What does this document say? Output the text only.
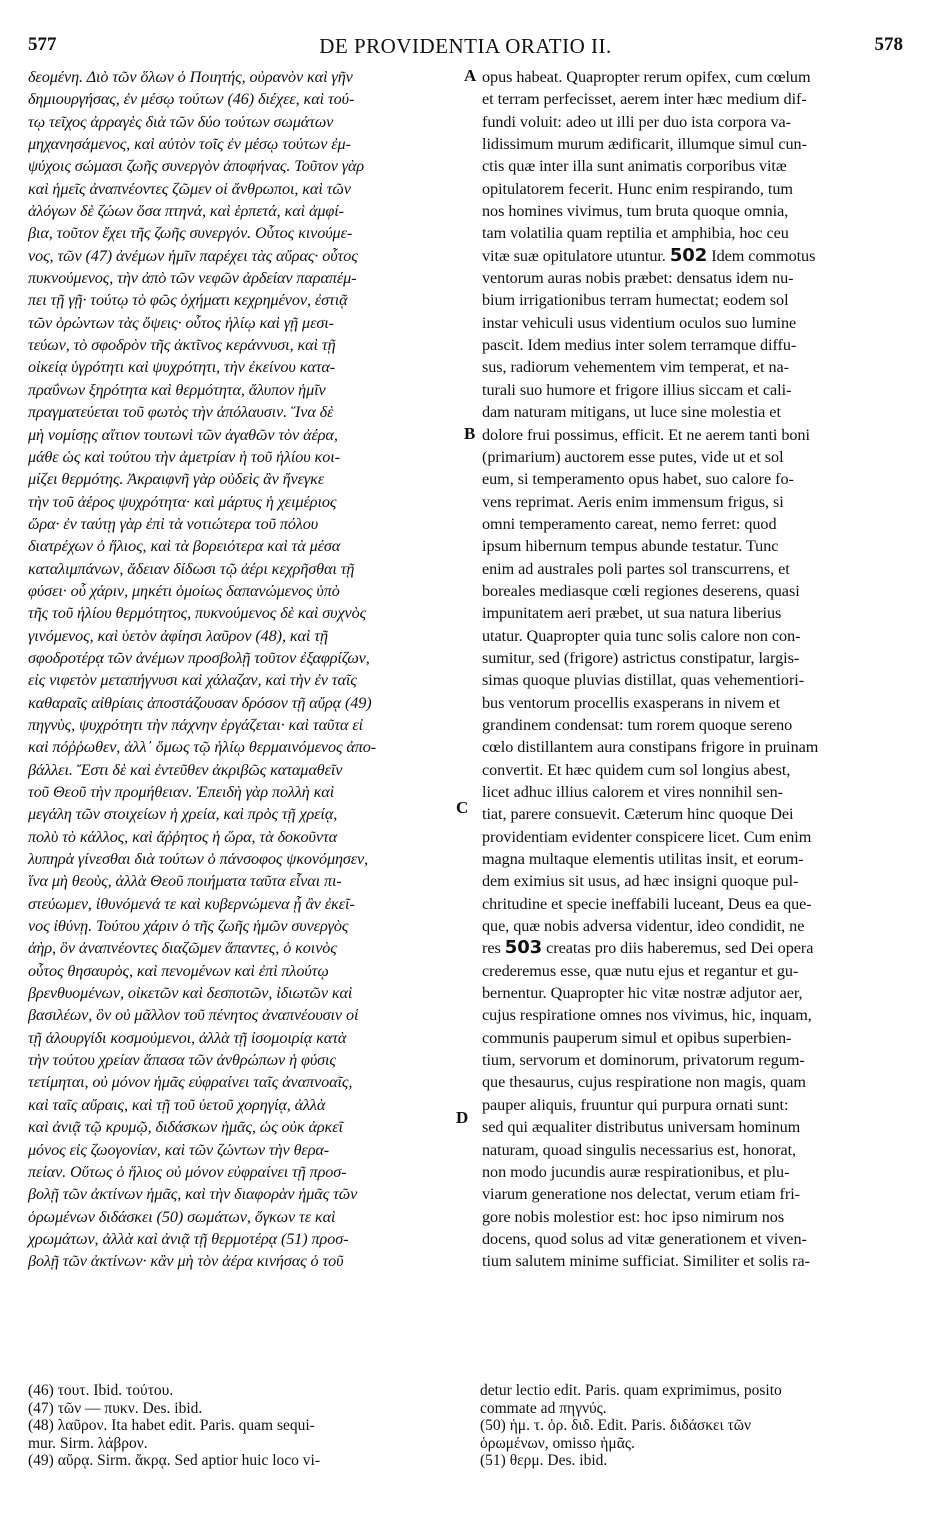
577	DE PROVIDENTIA ORATIO II.	578
δεομένη. Διὸ τῶν ὅλων ὁ Ποιητής, οὐρανὸν καὶ γῆν
δημιουργήσας, ἐν μέσῳ τούτων (46) διέχεε, καὶ τού-
τῳ τεῖχος ἀρραγὲς διὰ τῶν δύο τούτων σωμάτων
μηχανησάμενος, καὶ αὐτὸν τοῖς ἐν μέσῳ τούτων ἐμ-
ψύχοις σώμασι ζωῆς συνεργὸν ἀποφήνας. Τοῦτον γὰρ
καὶ ἡμεῖς ἀναπνέοντες ζῶμεν οἱ ἄνθρωποι, καὶ τῶν
ἀλόγων δὲ ζώων ὅσα πτηνά, καὶ ἑρπετά, καὶ ἀμφί-
βια, τοῦτον ἔχει τῆς ζωῆς συνεργόν. Οὗτος κινούμε-
νος, τῶν (47) ἀνέμων ἡμῖν παρέχει τὰς αὔρας· οὗτος
πυκνούμενος, τὴν ἀπὸ τῶν νεφῶν ἀρδείαν παραπέμ-
πει τῇ γῇ· τούτῳ τὸ φῶς ὀχήματι κεχρημένον, ἐστιᾷ
τῶν ὁρώντων τὰς ὄψεις· οὗτος ἡλίῳ καὶ γῇ μεσι-
τεύων, τὸ σφοδρὸν τῆς ἀκτῖνος κεράννυσι, καὶ τῇ
οἰκείᾳ ὑγρότητι καὶ ψυχρότητι, τὴν ἐκείνου κατα-
πραΰνων ξηρότητα καὶ θερμότητα, ἄλυπον ἡμῖν
πραγματεύεται τοῦ φωτὸς τὴν ἀπόλαυσιν. Ἵνα δὲ
μὴ νομίσῃς αἴτιον τουτωνὶ τῶν ἀγαθῶν τὸν ἀέρα,
μάθε ὡς καὶ τούτου τὴν ἀμετρίαν ἡ τοῦ ἡλίου κοι-
μίζει θερμότης. Ἀκραιφνῆ γὰρ οὐδεὶς ἂν ἤνεγκε
τὴν τοῦ ἀέρος ψυχρότητα· καὶ μάρτυς ἡ χειμέριος
ὥρα· ἐν ταύτῃ γὰρ ἐπὶ τὰ νοτιώτερα τοῦ πόλου
διατρέχων ὁ ἥλιος, καὶ τὰ βορειότερα καὶ τὰ μέσα
καταλιμπάνων, ἄδειαν δίδωσι τῷ ἀέρι κεχρῆσθαι τῇ
φύσει· οὗ χάριν, μηκέτι ὁμοίως δαπανώμενος ὑπὸ
τῆς τοῦ ἡλίου θερμότητος, πυκνούμενος δὲ καὶ συχνὸς
γινόμενος, καὶ ὑετὸν ἀφίησι λαῦρον (48), καὶ τῇ
σφοδροτέρᾳ τῶν ἀνέμων προσβολῇ τοῦτον ἐξαφρίζων,
εἰς νιφετὸν μεταπήγνυσι καὶ χάλαζαν, καὶ τὴν ἐν ταῖς
καθαραῖς αἰθρίαις ἀποστάζουσαν δρόσον τῇ αὔρᾳ (49)
πηγνὺς, ψυχρότητι τὴν πάχνην ἐργάζεται· καὶ ταῦτα εἰ
καὶ πόῤῥωθεν, ἀλλ᾽ ὅμως τῷ ἡλίῳ θερμαινόμενος ἀπο-
βάλλει. Ἔστι δὲ καὶ ἐντεῦθεν ἀκριβῶς καταμαθεῖν
τοῦ Θεοῦ τὴν προμήθειαν. Ἐπειδὴ γὰρ πολλὴ καὶ
μεγάλη τῶν στοιχείων ἡ χρεία, καὶ πρὸς τῇ χρείᾳ,
πολὺ τὸ κάλλος, καὶ ἄῤῥητος ἡ ὥρα, τὰ δοκοῦντα
λυπηρὰ γίνεσθαι διὰ τούτων ὁ πάνσοφος ψκονόμησεν,
ἵνα μὴ θεοὺς, ἀλλὰ Θεοῦ ποιήματα ταῦτα εἶναι πι-
στεύωμεν, ἰθυνόμενά τε καὶ κυβερνώμενα ᾗ ἂν ἐκεῖ-
νος ἰθύνῃ. Τούτου χάριν ὁ τῆς ζωῆς ἡμῶν συνεργὸς
ἀὴρ, ὃν ἀναπνέοντες διαζῶμεν ἅπαντες, ὁ κοινὸς
οὗτος θησαυρὸς, καὶ πενομένων καὶ ἐπὶ πλούτῳ
βρενθυομένων, οἰκετῶν καὶ δεσποτῶν, ἰδιωτῶν καὶ
βασιλέων, ὃν οὐ μᾶλλον τοῦ πένητος ἀναπνέουσιν οἱ
τῇ ἁλουργίδι κοσμούμενοι, ἀλλὰ τῇ ἰσομοιρίᾳ κατὰ
τὴν τούτου χρείαν ἅπασα τῶν ἀνθρώπων ἡ φύσις
τετίμηται, οὐ μόνον ἡμᾶς εὐφραίνει ταῖς ἀναπνοαῖς,
καὶ ταῖς αὔραις, καὶ τῇ τοῦ ὑετοῦ χορηγίᾳ, ἀλλὰ
καὶ ἀνιᾷ τῷ κρυμῷ, διδάσκων ἡμᾶς, ὡς οὐκ ἀρκεῖ
μόνος εἰς ζωογονίαν, καὶ τῶν ζώντων τὴν θερα-
πείαν. Οὕτως ὁ ἥλιος οὐ μόνον εὐφραίνει τῇ προσ-
βολῇ τῶν ἀκτίνων ἡμᾶς, καὶ τὴν διαφορὰν ἡμᾶς τῶν
ὁρωμένων διδάσκει (50) σωμάτων, ὄγκων τε καὶ
χρωμάτων, ἀλλὰ καὶ ἀνιᾷ τῇ θερμοτέρᾳ (51) προσ-
βολῇ τῶν ἀκτίνων· κἂν μὴ τὸν ἀέρα κινήσας ὁ τοῦ
opus habeat. Quapropter rerum opifex, cum cœlum
et terram perfecisset, aerem inter hæc medium dif-
fundi voluit: adeo ut illi per duo ista corpora va-
lidissimum murum ædificarit, illumque simul cun-
ctis quæ inter illa sunt animatis corporibus vitæ
opitulatorem fecerit. Hunc enim respirando, tum
nos homines vivimus, tum bruta quoque omnia,
tam volatilia quam reptilia et amphibia, hoc ceu
vitæ suæ opitulatore utuntur. 502 Idem commotus
ventorum auras nobis præbet: densatus idem nu-
bium irrigationibus terram humectat; eodem sol
instar vehiculi usus videntium oculos suo lumine
pascit. Idem medius inter solem terramque diffu-
sus, radiorum vehementem vim temperat, et na-
turali suo humore et frigore illius siccam et cali-
dam naturam mitigans, ut luce sine molestia et
dolore frui possimus, efficit. Et ne aerem tanti boni
(primarium) auctorem esse putes, vide ut et sol
eum, si temperamento opus habet, suo calore fo-
vens reprimat. Aeris enim immensum frigus, si
omni temperamento careat, nemo ferret: quod
ipsum hibernum tempus abunde testatur. Tunc
enim ad australes poli partes sol transcurrens, et
boreales mediasque cœli regiones deserens, quasi
impunitatem aeri præbet, ut sua natura liberius
utatur. Quapropter quia tunc solis calore non con-
sumitur, sed (frigore) astrictus constipatur, largis-
simas quoque pluvias distillat, quas vehementiori-
bus ventorum procellis exasperans in nivem et
grandinem condensat: tum rorem quoque sereno
cœlo distillantem aura constipans frigore in pruinam
convertit. Et hæc quidem cum sol longius abest,
licet adhuc illius calorem et vires nonnihil sen-
tiat, parere consuevit. Cæterum hinc quoque Dei
providentiam evidenter conspicere licet. Cum enim
magna multaque elementis utilitas insit, et eorum-
dem eximius sit usus, ad hæc insigni quoque pul-
chritudine et specie ineffabili luceant, Deus ea que-
que, quæ nobis adversa videntur, ideo condidit, ne
res 503 creatas pro diis haberemus, sed Dei opera
crederemus esse, quæ nutu ejus et regantur et gu-
bernentur. Quapropter hic vitæ nostræ adjutor aer,
cujus respiratione omnes nos vivimus, hic, inquam,
communis pauperum simul et opibus superbien-
tium, servorum et dominorum, privatorum regum-
que thesaurus, cujus respiratione non magis, quam
pauper aliquis, fruuntur qui purpura ornati sunt:
sed qui æqualiter distributus universam hominum
naturam, quoad singulis necessarius est, honorat,
non modo jucundis auræ respirationibus, et plu-
viarum generatione nos delectat, verum etiam fri-
gore nobis molestior est: hoc ipso nimirum nos
docens, quod solus ad vitæ generationem et viven-
tium salutem minime sufficiat. Similiter et solis ra-
A
B
C
D
(46) τουτ. Ibid. τούτου.
(47) τῶν — πυκν. Des. ibid.
(48) λαῦρον. Ita habet edit. Paris. quam sequi-
mur. Sirm. λάβρον.
(49) αὔρᾳ. Sirm. ἄκρᾳ. Sed aptior huic loco vi-
detur lectio edit. Paris. quam exprimimus, posito
commate ad πηγνύς.
(50) ἡμ. τ. ὁρ. διδ. Edit. Paris. διδάσκει τῶν
ὁρωμένων, omisso ἡμᾶς.
(51) θερμ. Des. ibid.
